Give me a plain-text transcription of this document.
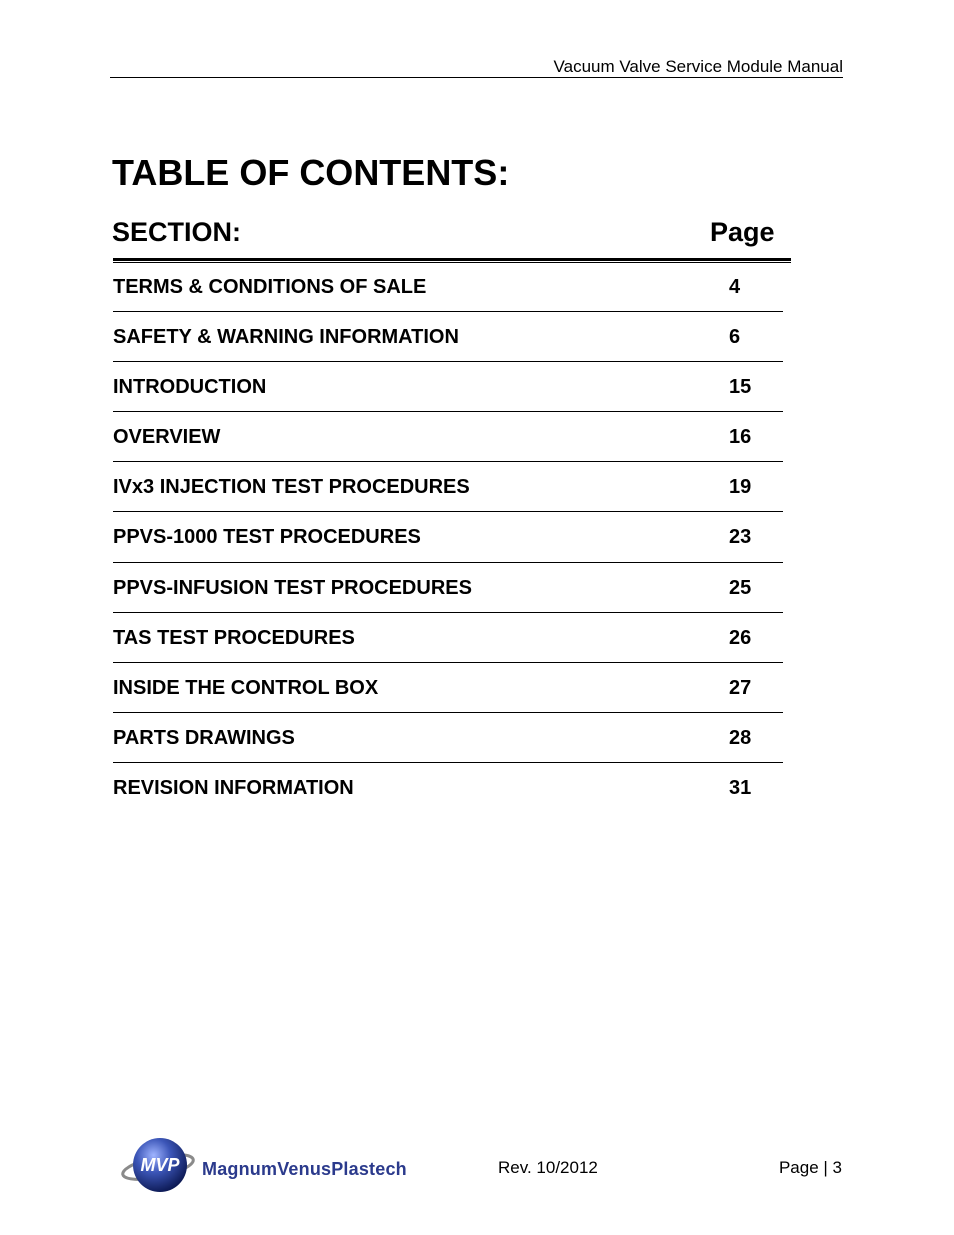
Vacuum Valve Service Module Manual
TABLE OF CONTENTS:
SECTION:	Page
TERMS & CONDITIONS OF SALE	4
SAFETY & WARNING INFORMATION	6
INTRODUCTION	15
OVERVIEW	16
IVx3 INJECTION TEST PROCEDURES	19
PPVS-1000 TEST PROCEDURES	23
PPVS-INFUSION TEST PROCEDURES	25
TAS TEST PROCEDURES	26
INSIDE THE CONTROL BOX	27
PARTS DRAWINGS	28
REVISION INFORMATION	31
MVP MagnumVenusPlastech	Rev. 10/2012	Page | 3
